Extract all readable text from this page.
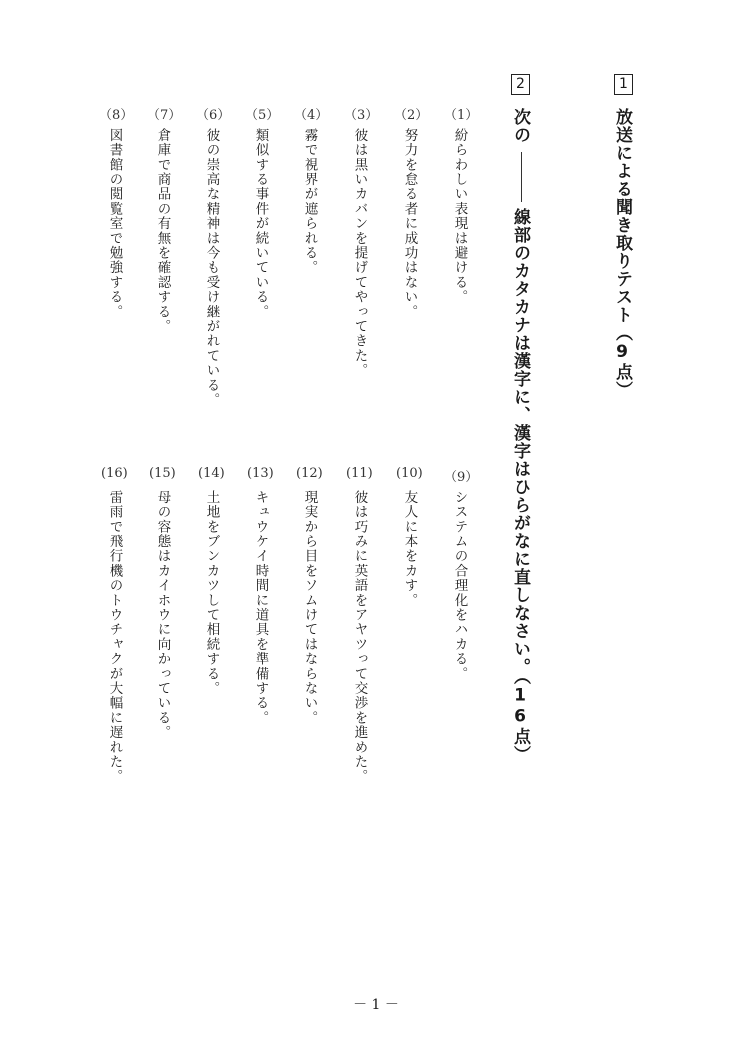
1
放送による聞き取りテスト（9点）
2
次の
線部のカタカナは漢字に、漢字はひらがなに直しなさい。（16点）
（1）
紛らわしい表現は避ける。
（2）
努力を怠る者に成功はない。
（3）
彼は黒いカバンを提げてやってきた。
（4）
霧で視界が遮られる。
（5）
類似する事件が続いている。
（6）
彼の崇高な精神は今も受け継がれている。
（7）
倉庫で商品の有無を確認する。
（8）
図書館の閲覧室で勉強する。
（9）
システムの合理化をハカる。
(10)
友人に本をカす。
(11)
彼は巧みに英語をアヤツって交渉を進めた。
(12)
現実から目をソムけてはならない。
(13)
キュウケイ時間に道具を準備する。
(14)
土地をブンカツして相続する。
(15)
母の容態はカイホウに向かっている。
(16)
雷雨で飛行機のトウチャクが大幅に遅れた。
－ 1 －
